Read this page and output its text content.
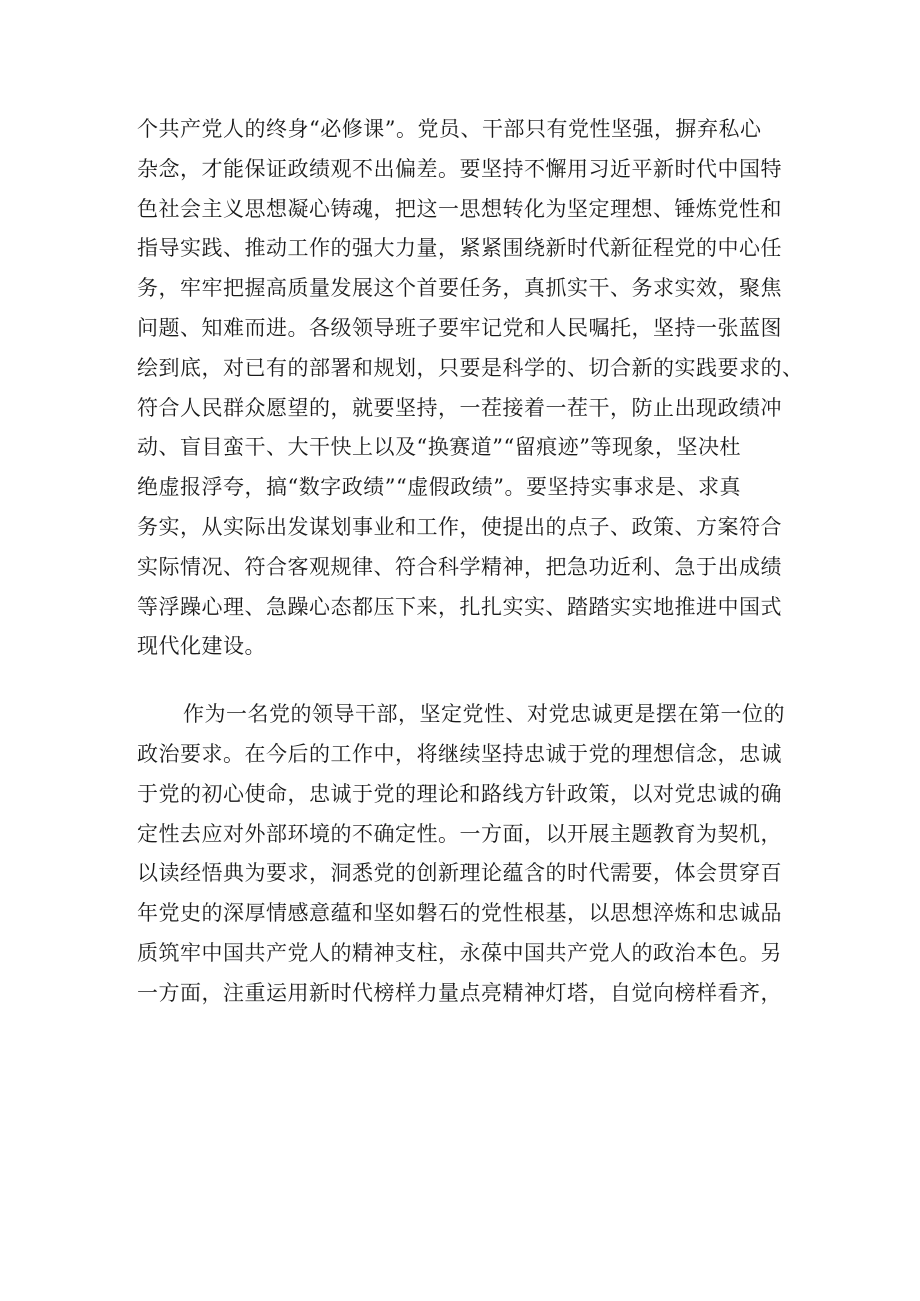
个共产党人的终身“必修课”。党员、干部只有党性坚强，摒弃私心
杂念，才能保证政绩观不出偏差。要坚持不懈用习近平新时代中国特
色社会主义思想凝心铸魂，把这一思想转化为坚定理想、锤炼党性和
指导实践、推动工作的强大力量，紧紧围绕新时代新征程党的中心任
务，牢牢把握高质量发展这个首要任务，真抓实干、务求实效，聚焦
问题、知难而进。各级领导班子要牢记党和人民嘱托，坚持一张蓝图
绘到底，对已有的部署和规划，只要是科学的、切合新的实践要求的、
符合人民群众愿望的，就要坚持，一茬接着一茬干，防止出现政绩冲
动、盲目蛮干、大干快上以及“换赛道”“留痕迹”等现象，坚决杜
绝虚报浮夸，搞“数字政绩”“虚假政绩”。要坚持实事求是、求真
务实，从实际出发谋划事业和工作，使提出的点子、政策、方案符合
实际情况、符合客观规律、符合科学精神，把急功近利、急于出成绩
等浮躁心理、急躁心态都压下来，扎扎实实、踏踏实实地推进中国式
现代化建设。
作为一名党的领导干部，坚定党性、对党忠诚更是摆在第一位的
政治要求。在今后的工作中，将继续坚持忠诚于党的理想信念，忠诚
于党的初心使命，忠诚于党的理论和路线方针政策，以对党忠诚的确
定性去应对外部环境的不确定性。一方面，以开展主题教育为契机，
以读经悟典为要求，洞悉党的创新理论蕴含的时代需要，体会贯穿百
年党史的深厚情感意蕴和坚如磐石的党性根基，以思想淬炼和忠诚品
质筑牢中国共产党人的精神支柱，永葆中国共产党人的政治本色。另
一方面，注重运用新时代榜样力量点亮精神灯塔，自觉向榜样看齐，
